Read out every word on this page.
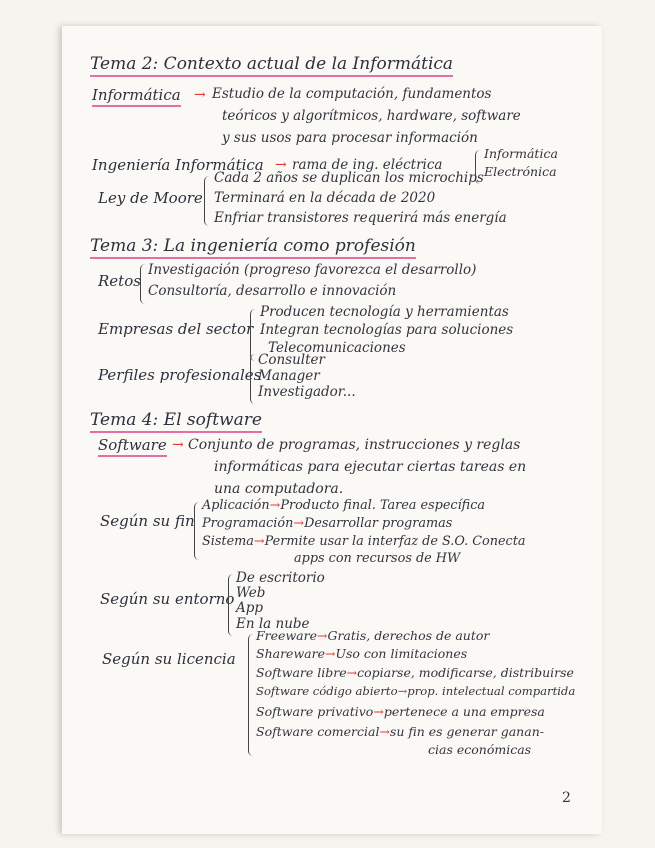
Tema 2: Contexto actual de la Informática
Informática → Estudio de la computación, fundamentos
teóricos y algorítmicos, hardware, software
y sus usos para procesar información
Ingeniería Informática → rama de ing. eléctrica
Informática
Electrónica
Ley de Moore
Cada 2 años se duplican los microchips
Terminará en la década de 2020
Enfriar transistores requerirá más energía
Tema 3: La ingeniería como profesión
Retos
Investigación (progreso favorezca el desarrollo)
Consultoría, desarrollo e innovación
Empresas del sector
Producen tecnología y herramientas
Integran tecnologías para soluciones
Telecomunicaciones
Perfiles profesionales
Consulter
Manager
Investigador...
Tema 4: El software
Software → Conjunto de programas, instrucciones y reglas
informáticas para ejecutar ciertas tareas en
una computadora.
Según su fin
Aplicación→Producto final. Tarea específica
Programación→Desarrollar programas
Sistema→Permite usar la interfaz de S.O. Conecta
apps con recursos de HW
Según su entorno
De escritorio
Web
App
En la nube
Según su licencia
Freeware→Gratis, derechos de autor
Shareware→Uso con limitaciones
Software libre→copiarse, modificarse, distribuirse
Software código abierto→prop. intelectual compartida
Software privativo→pertenece a una empresa
Software comercial→su fin es generar ganan-
cias económicas
2
